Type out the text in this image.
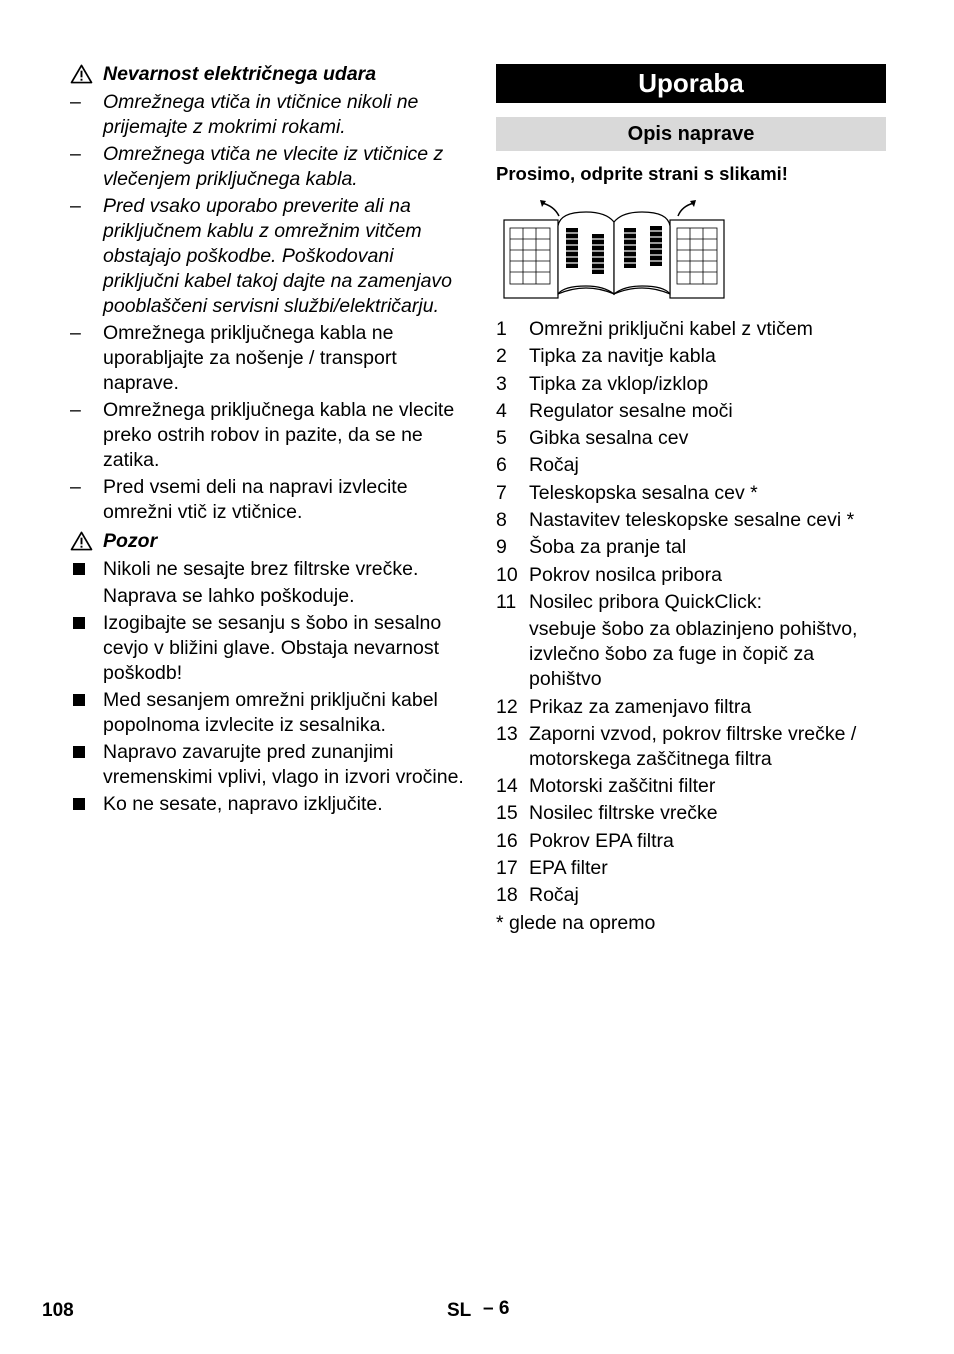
Nevarnost električnega udara
–	Omrežnega vtiča in vtičnice nikoli ne prijemajte z mokrimi rokami.
–	Omrežnega vtiča ne vlecite iz vtičnice z vlečenjem priključnega kabla.
–	Pred vsako uporabo preverite ali na priključnem kablu z omrežnim vitčem obstajajo poškodbe. Poškodovani priključni kabel takoj dajte na zamenjavo pooblaščeni servisni službi/električarju.
–	Omrežnega priključnega kabla ne uporabljajte za nošenje / transport naprave.
–	Omrežnega priključnega kabla ne vlecite preko ostrih robov in pazite, da se ne zatika.
–	Pred vsemi deli na napravi izvlecite omrežni vtič iz vtičnice.
Pozor
Nikoli ne sesajte brez filtrske vrečke.
Naprava se lahko poškoduje.
Izogibajte se sesanju s šobo in sesalno cevjo v bližini glave. Obstaja nevarnost poškodb!
Med sesanjem omrežni priključni kabel popolnoma izvlecite iz sesalnika.
Napravo zavarujte pred zunanjimi vremenskimi vplivi, vlago in izvori vročine.
Ko ne sesate, napravo izključite.
Uporaba
Opis naprave
Prosimo, odprite strani s slikami!
1	Omrežni priključni kabel z vtičem
2	Tipka za navitje kabla
3	Tipka za vklop/izklop
4	Regulator sesalne moči
5	Gibka sesalna cev
6	Ročaj
7	Teleskopska sesalna cev *
8	Nastavitev teleskopske sesalne cevi *
9	Šoba za pranje tal
10 Pokrov nosilca pribora
11 Nosilec pribora QuickClick:
vsebuje šobo za oblazinjeno pohištvo, izvlečno šobo za fuge in čopič za pohištvo
12 Prikaz za zamenjavo filtra
13 Zaporni vzvod, pokrov filtrske vrečke / motorskega zaščitnega filtra
14 Motorski zaščitni filter
15 Nosilec filtrske vrečke
16 Pokrov EPA filtra
17 EPA filter
18 Ročaj
* glede na opremo
108	SL – 6
